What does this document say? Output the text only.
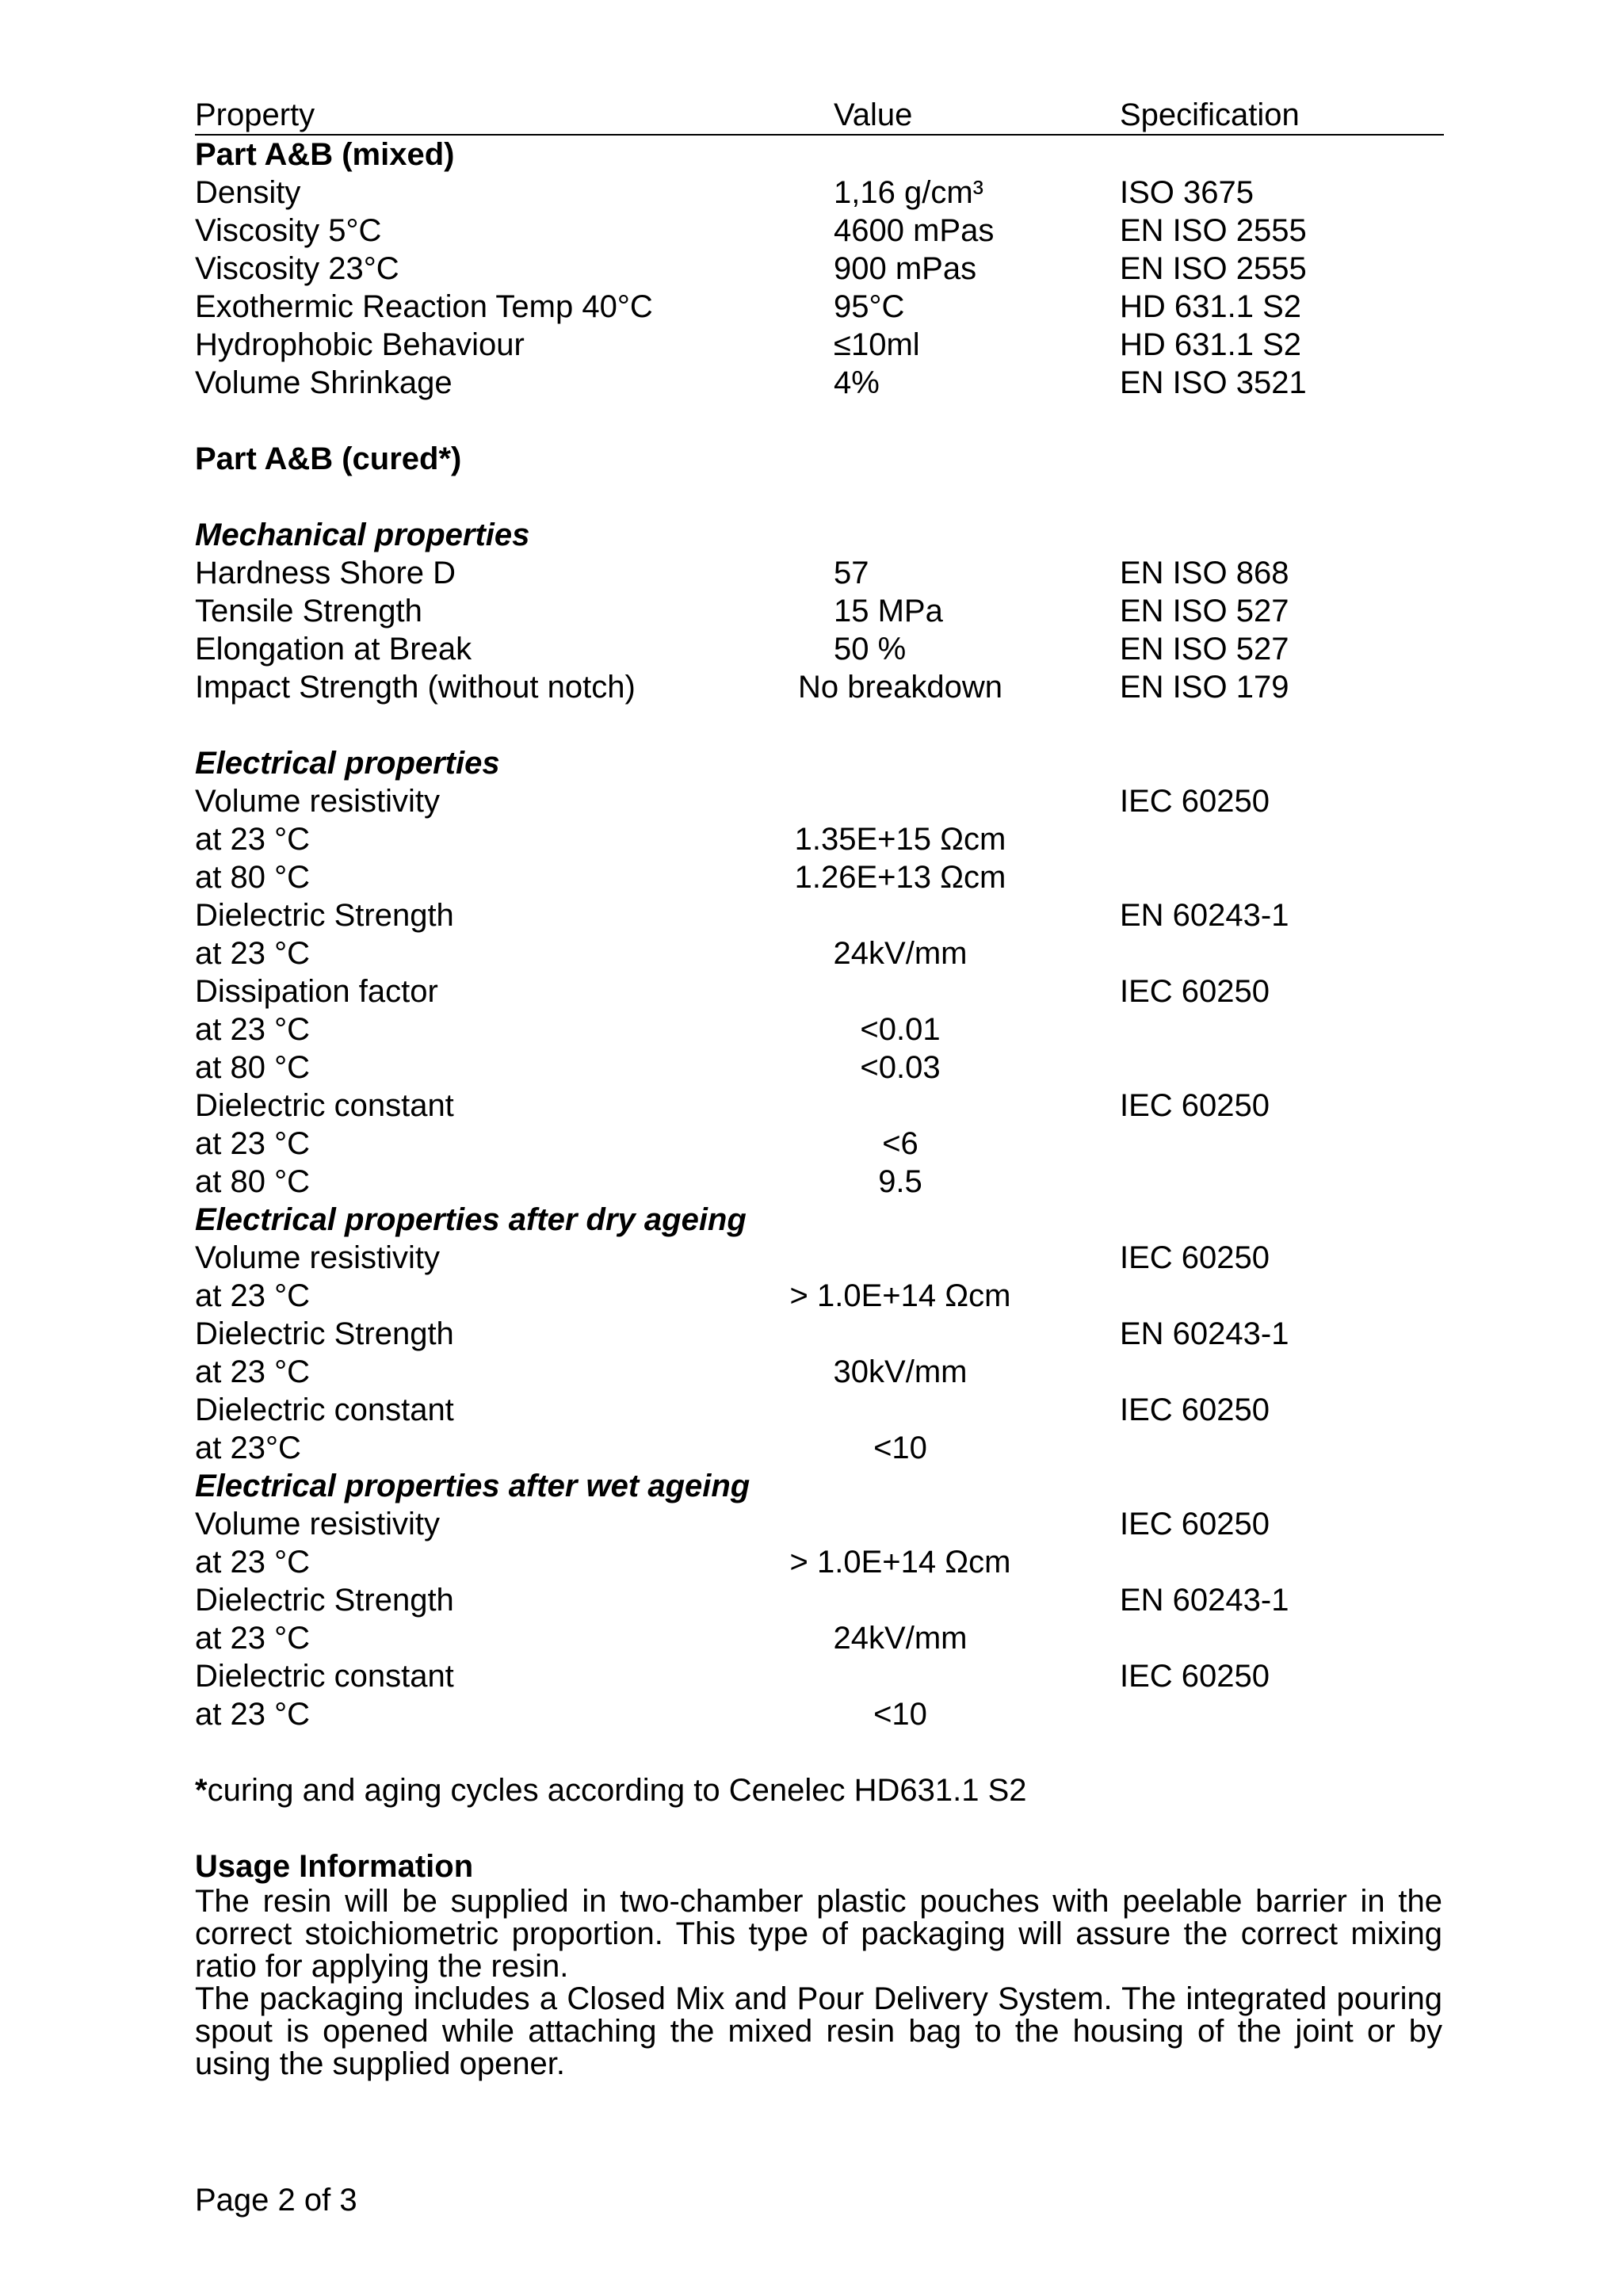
Property	Value	Specification
Part A&B (mixed)
Density	1,16 g/cm³	ISO 3675
Viscosity 5°C	4600 mPas	EN ISO 2555
Viscosity 23°C	900 mPas	EN ISO 2555
Exothermic Reaction Temp 40°C	95°C	HD 631.1 S2
Hydrophobic Behaviour	≤10ml	HD 631.1 S2
Volume Shrinkage	4%	EN ISO 3521
Part A&B (cured*)
Mechanical properties
Hardness Shore D	57	EN ISO 868
Tensile Strength	15 MPa	EN ISO 527
Elongation at Break	50 %	EN ISO 527
Impact Strength (without notch)	No breakdown	EN ISO 179
Electrical properties
Volume resistivity	IEC 60250
at 23 °C	1.35E+15 Ωcm
at 80 °C	1.26E+13 Ωcm
Dielectric Strength	EN 60243-1
at 23 °C	24kV/mm
Dissipation factor	IEC 60250
at 23 °C	<0.01
at 80 °C	<0.03
Dielectric constant	IEC 60250
at 23 °C	<6
at 80 °C	9.5
Electrical properties after dry ageing
Volume resistivity	IEC 60250
at 23 °C	> 1.0E+14 Ωcm
Dielectric Strength	EN 60243-1
at 23 °C	30kV/mm
Dielectric constant	IEC 60250
at 23°C	<10
Electrical properties after wet ageing
Volume resistivity	IEC 60250
at 23 °C	> 1.0E+14 Ωcm
Dielectric Strength	EN 60243-1
at 23 °C	24kV/mm
Dielectric constant	IEC 60250
at 23 °C	<10
*curing and aging cycles according to Cenelec HD631.1 S2
Usage Information
The resin will be supplied in two-chamber plastic pouches with peelable barrier in the correct stoichiometric proportion. This type of packaging will assure the correct mixing ratio for applying the resin.
The packaging includes a Closed Mix and Pour Delivery System. The integrated pouring spout is opened while attaching the mixed resin bag to the housing of the joint or by using the supplied opener.
Page 2 of 3
